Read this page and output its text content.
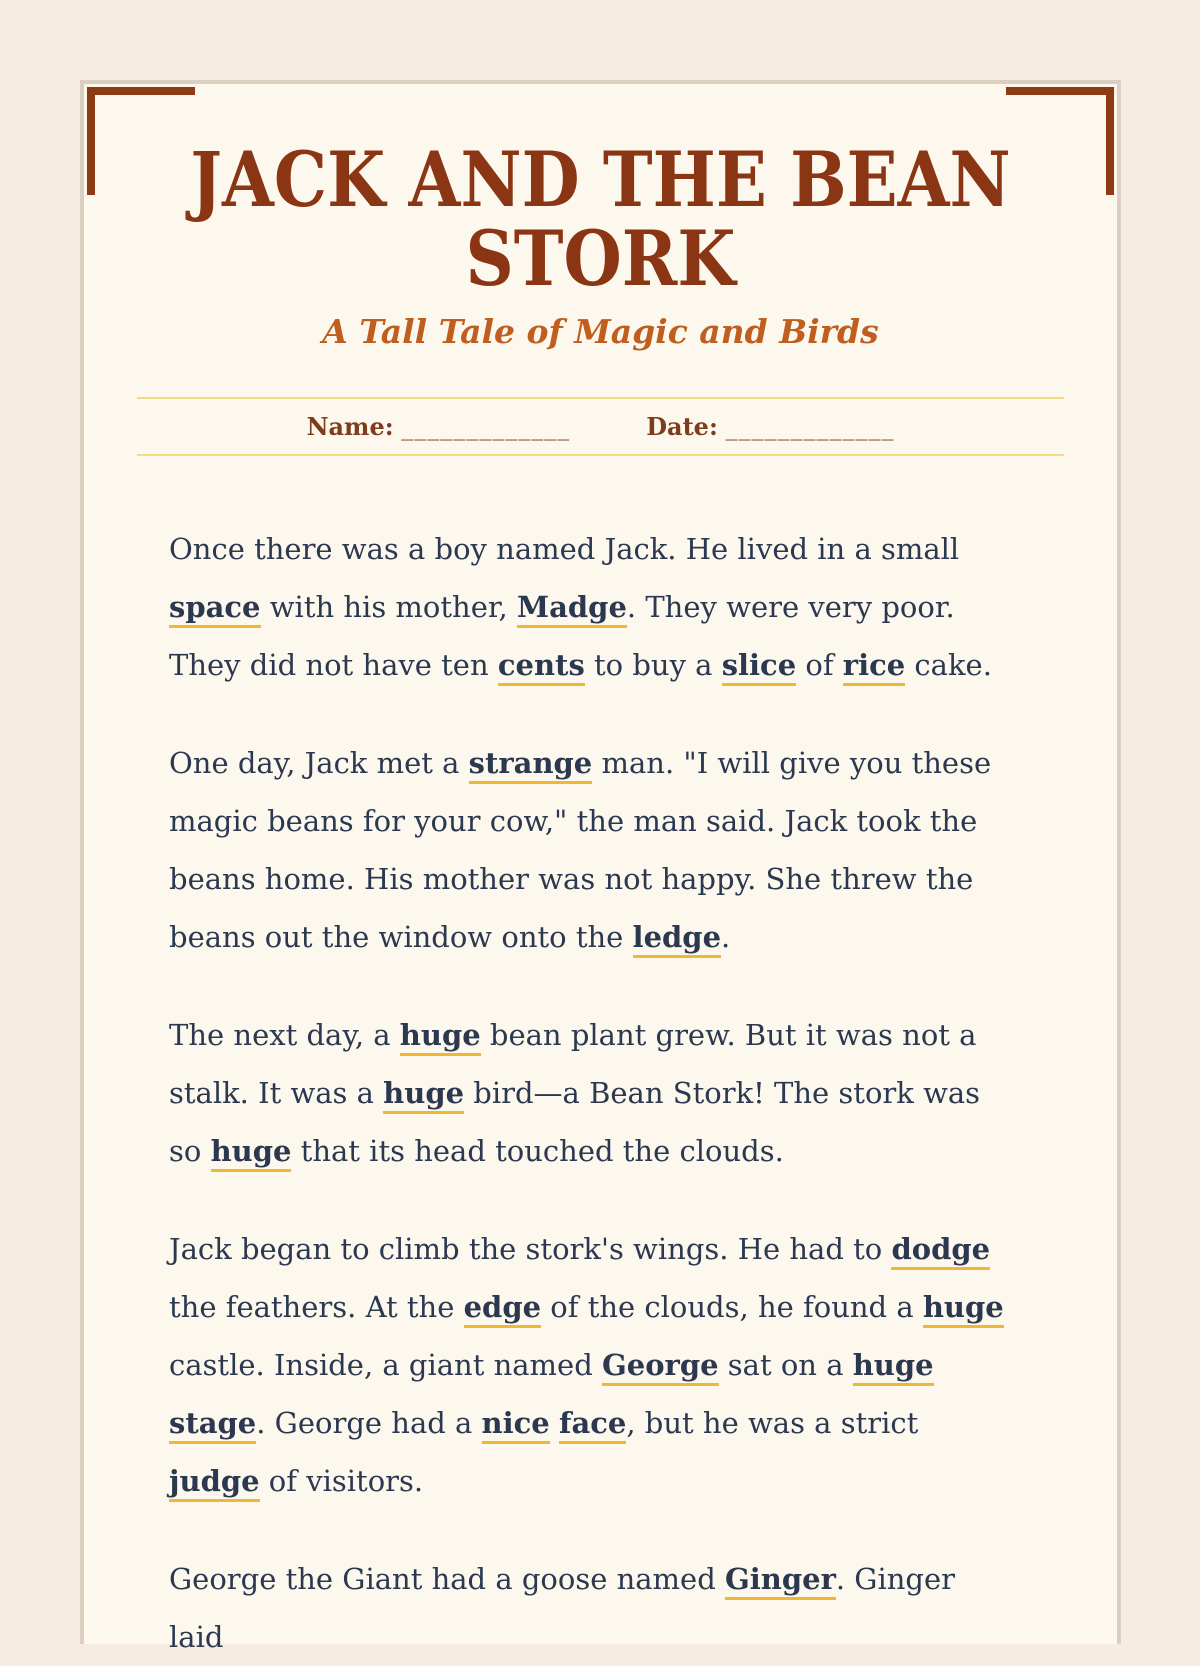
JACK AND THE BEAN
STORK
A Tall Tale of Magic and Birds
Name: _____________	Date: _____________

Once there was a boy named Jack. He lived in a small space with his mother, Madge. They were very poor. They did not have ten cents to buy a slice of rice cake.

One day, Jack met a strange man. "I will give you these magic beans for your cow," the man said. Jack took the beans home. His mother was not happy. She threw the beans out the window onto the ledge.

The next day, a huge bean plant grew. But it was not a stalk. It was a huge bird—a Bean Stork! The stork was so huge that its head touched the clouds.

Jack began to climb the stork's wings. He had to dodge the feathers. At the edge of the clouds, he found a huge castle. Inside, a giant named George sat on a huge stage. George had a nice face, but he was a strict judge of visitors.

George the Giant had a goose named Ginger. Ginger laid
